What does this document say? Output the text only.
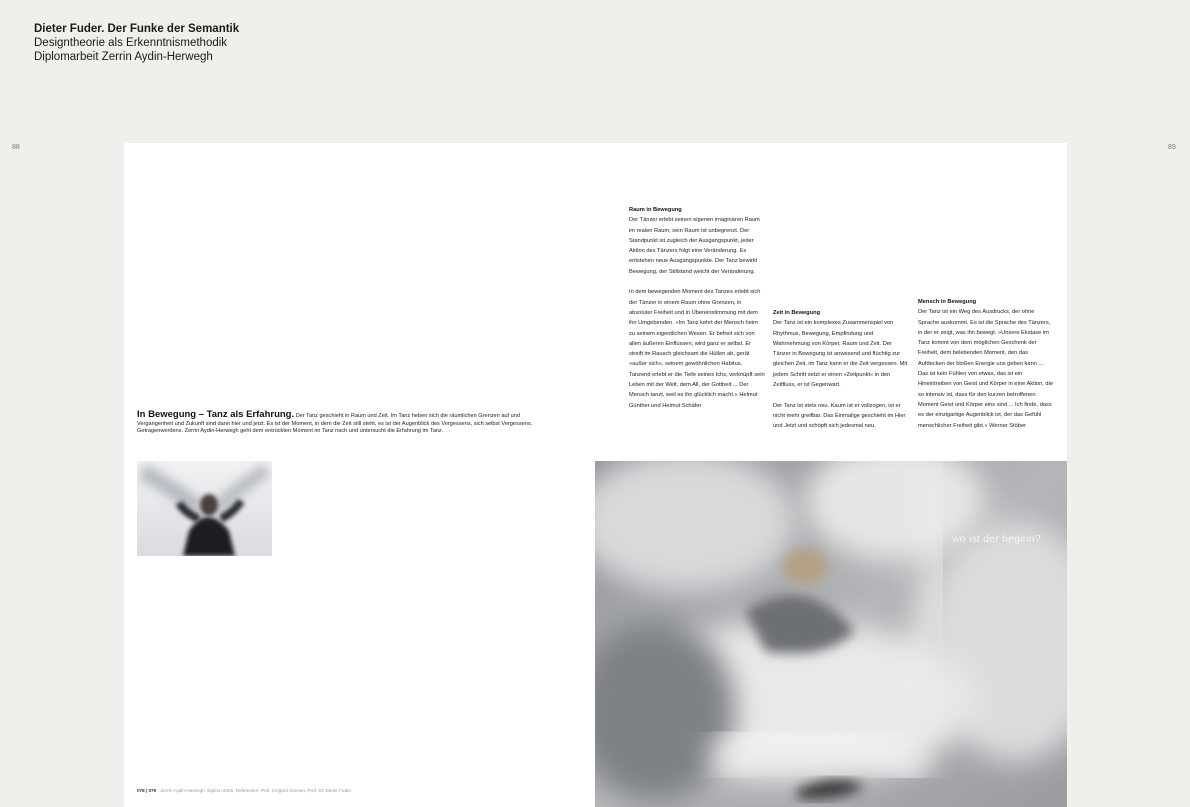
Dieter Fuder. Der Funke der Semantik
Designtheorie als Erkenntnismethodik
Diplomarbeit Zerrin Aydin-Herwegh
88	89
In Bewegung – Tanz als Erfahrung. Der Tanz geschieht in Raum und Zeit. Im Tanz heben sich die räumlichen Grenzen auf und Vergangenheit und Zukunft sind dann hier und jetzt. Es ist der Moment, in dem die Zeit still steht, es ist der Augenblick des Vergessens, sich selbst Vergessens, Getragenwerdens. Zerrin Aydin-Herwegh geht dem entrückten Moment im Tanz nach und untersucht die Erfahrung im Tanz.

Raum in Bewegung
Der Tänzer erlebt seinen eigenen imaginären Raum im realen Raum, sein Raum ist unbegrenzt. Der Standpunkt ist zugleich der Ausgangspunkt, jeder Aktion des Tänzers folgt eine Veränderung. Es entstehen neue Ausgangspunkte. Der Tanz bewirkt Bewegung, der Stillstand weicht der Veränderung.

In dem bewegenden Moment des Tanzes erlebt sich der Tänzer in einem Raum ohne Grenzen, in absoluter Freiheit und in Übereinstimmung mit dem ihn Umgebenden. »Im Tanz kehrt der Mensch heim zu seinem eigentlichen Wesen. Er befreit sich von allen äußeren Einflüssen, wird ganz er selbst. Er streift im Rausch gleichsam die Hüllen ab, gerät »außer sich«, seinem gewöhnlichen Habitus. Tanzend erlebt er die Tiefe seines Ichs, verknüpft sein Leben mit der Welt, dem All, der Gottheit ... Der Mensch tanzt, weil es ihn glücklich macht.« Helmut Günther und Helmut Schäfer

Zeit in Bewegung
Der Tanz ist ein komplexes Zusammenspiel von Rhythmus, Bewegung, Empfindung und Wahrnehmung von Körper, Raum und Zeit. Der Tänzer in Bewegung ist anwesend und flüchtig zur gleichen Zeit, im Tanz kann er die Zeit vergessen. Mit jedem Schritt setzt er einen »Zeitpunkt« in den Zeitfluss, er ist Gegenwart.

Der Tanz ist stets neu. Kaum ist er vollzogen, ist er nicht mehr greifbar. Das Einmalige geschieht im Hier und Jetzt und schöpft sich jedesmal neu.

Mensch in Bewegung
Der Tanz ist ein Weg des Ausdrucks, der ohne Sprache auskommt. Es ist die Sprache des Tänzers, in der er zeigt, was ihn bewegt. »Unsere Ekstase im Tanz kommt von dem möglichen Geschenk der Freiheit, dem belebenden Moment, den das Aufdecken der bloßen Energie uns geben kann ... Das ist kein Fühlen von etwas, das ist ein Hineintreiben von Geist und Körper in eine Aktion, die so intensiv ist, dass für den kurzen betroffenen Moment Geist und Körper eins sind ... Ich finde, dass es der einzigartige Augenblick ist, der das Gefühl menschlicher Freiheit gibt.« Werner Stöber

wo ist der beginn?
078 | 079 Zerrin Aydin-Herwegh, Diplom 2006, Referenten: Prof. Irmgard Sonnen, Prof. Dr. Dieter Fuder
